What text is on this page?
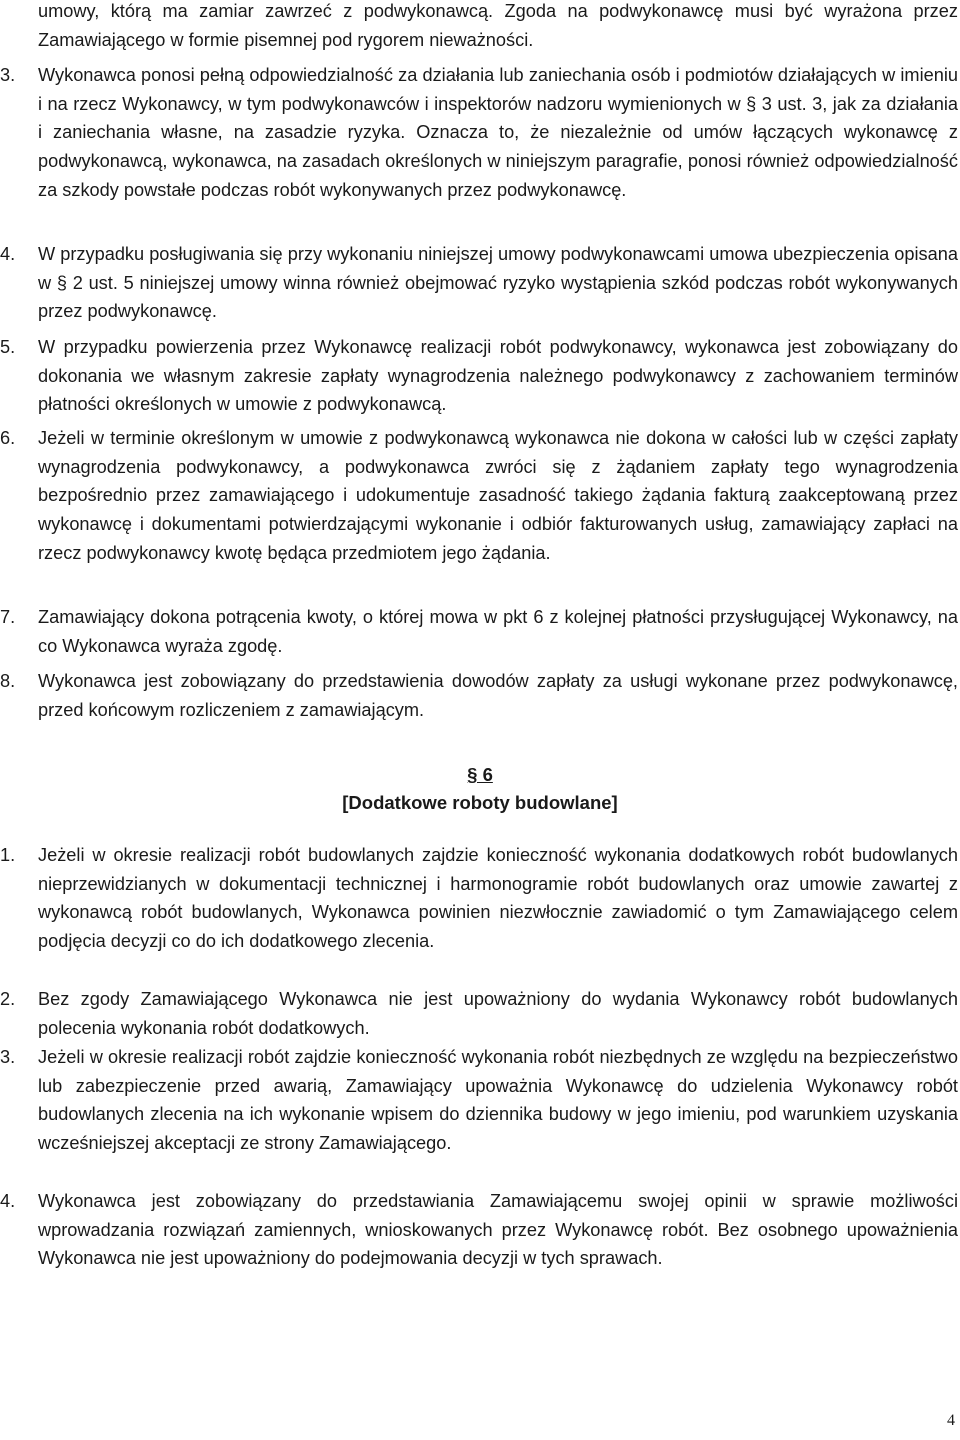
umowy, którą ma zamiar zawrzeć z podwykonawcą. Zgoda na podwykonawcę musi być wyrażona przez Zamawiającego w formie pisemnej pod rygorem nieważności.
3.	Wykonawca ponosi pełną odpowiedzialność za działania lub zaniechania osób i podmiotów działających w imieniu i na rzecz Wykonawcy, w tym podwykonawców i inspektorów nadzoru wymienionych w § 3 ust. 3, jak za działania i zaniechania własne, na zasadzie ryzyka. Oznacza to, że niezależnie od umów łączących wykonawcę z podwykonawcą, wykonawca, na zasadach określonych w niniejszym paragrafie, ponosi również odpowiedzialność za szkody powstałe podczas robót wykonywanych przez podwykonawcę.
4.	W przypadku posługiwania się przy wykonaniu niniejszej umowy podwykonawcami umowa ubezpieczenia opisana w § 2 ust. 5 niniejszej umowy winna również obejmować ryzyko wystąpienia szkód podczas robót wykonywanych przez podwykonawcę.
5.	W przypadku powierzenia przez Wykonawcę realizacji robót podwykonawcy, wykonawca jest zobowiązany do dokonania we własnym zakresie zapłaty wynagrodzenia należnego podwykonawcy z zachowaniem terminów płatności określonych w umowie z podwykonawcą.
6.	Jeżeli w terminie określonym w umowie z podwykonawcą wykonawca nie dokona w całości lub w części zapłaty wynagrodzenia podwykonawcy, a podwykonawca zwróci się z żądaniem zapłaty tego wynagrodzenia bezpośrednio przez zamawiającego i udokumentuje zasadność takiego żądania fakturą zaakceptowaną przez wykonawcę i dokumentami potwierdzającymi wykonanie i odbiór fakturowanych usług, zamawiający zapłaci na rzecz podwykonawcy kwotę będąca przedmiotem jego żądania.
7.	Zamawiający dokona potrącenia kwoty, o której mowa w pkt 6 z kolejnej płatności przysługującej Wykonawcy, na co Wykonawca wyraża zgodę.
8.	Wykonawca jest zobowiązany do przedstawienia dowodów zapłaty za usługi wykonane przez podwykonawcę, przed końcowym rozliczeniem z zamawiającym.
§ 6
[Dodatkowe roboty budowlane]
1.	Jeżeli w okresie realizacji robót budowlanych zajdzie konieczność wykonania dodatkowych robót budowlanych nieprzewidzianych w dokumentacji technicznej i harmonogramie robót budowlanych oraz umowie zawartej z wykonawcą robót budowlanych, Wykonawca powinien niezwłocznie zawiadomić o tym Zamawiającego celem podjęcia decyzji co do ich dodatkowego zlecenia.
2.	Bez zgody Zamawiającego Wykonawca nie jest upoważniony do wydania Wykonawcy robót budowlanych polecenia wykonania robót dodatkowych.
3.	Jeżeli w okresie realizacji robót zajdzie konieczność wykonania robót niezbędnych ze względu na bezpieczeństwo lub zabezpieczenie przed awarią, Zamawiający upoważnia Wykonawcę do udzielenia Wykonawcy robót budowlanych zlecenia na ich wykonanie wpisem do dziennika budowy w jego imieniu, pod warunkiem uzyskania wcześniejszej akceptacji ze strony Zamawiającego.
4.	Wykonawca jest zobowiązany do przedstawiania Zamawiającemu swojej opinii w sprawie możliwości wprowadzania rozwiązań zamiennych, wnioskowanych przez Wykonawcę robót. Bez osobnego upoważnienia Wykonawca nie jest upoważniony do podejmowania decyzji w tych sprawach.
4
